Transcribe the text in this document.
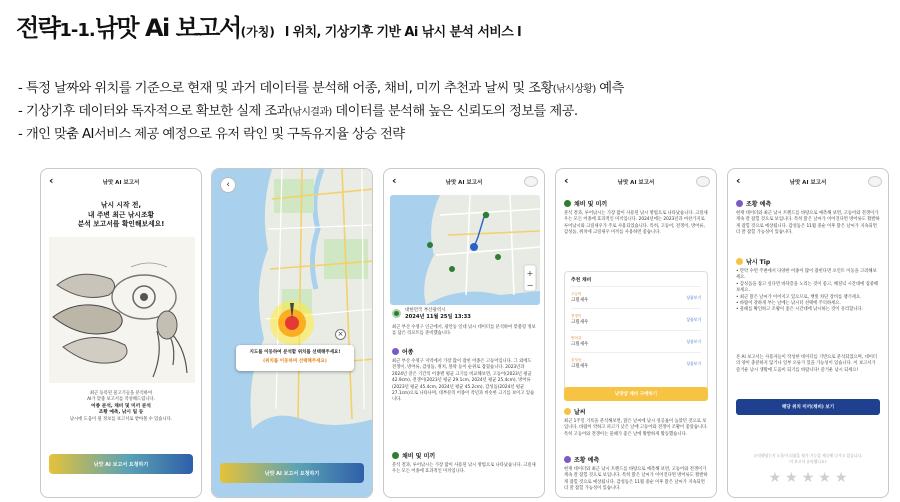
전략 1-1. 낚맛 Ai 보고서 (가칭) l 위치, 기상기후 기반 Ai 낚시 분석 서비스 l
- 특정 날짜와 위치를 기준으로 현재 및 과거 데이터를 분석해 어종, 채비, 미끼 추천과 날씨 및 조황(낚시상황) 예측
- 기상기후 데이터와 독자적으로 확보한 실제 조과(낚시결과) 데이터를 분석해 높은 신뢰도의 정보를 제공.
- 개인 맞춤 AI서비스 제공 예정으로 유저 락인 및 구독유지율 상승 전략
‹	낚맛 AI 보고서
낚시 시작 전,
내 주변 최근 낚시조황
분석 보고서를 확인해보세요!
최근 등록된 물고기들을 분석하여
AI가 맞춤 보고서를 작성해드립니다.
어종 분석, 채비 및 미끼 분석
조황 예측, 낚시 팁 등
낚시에 도움이 될 정보를 보고서로 받아볼 수 있습니다.
낚맛 AI 보고서 요청하기
‹
×
지도를 이동하여 분석할 위치를 선택해주세요!
(위치를 이동하며 선택해주세요)
낚맛 AI 보고서 요청하기
‹	낚맛 AI 보고서
+
−
대한민국 부산광역시
2024년 11월 25일 13:33
최근 부산 수영구 인근에서, 광안동 일대 낚시 데이터를 분석하여 맞춤형 정보를 담은 리포트를 준비했습니다.
어종
최근 부산 수영구 지역에서 가장 많이 잡힌 어종은 고등어입니다. 그 외에도 전갱이, 방어류, 감성돔, 쥐치, 볼락 등이 순위로 잡혔습니다. 2023년과 2024년 같은 기간의 어종별 평균 크기를 비교해보면, 고등어(2023년 평균 42.9cm), 전갱이(2023년 평균 29.1cm, 2024년 평균 25.4cm), 방어류(2023년 평균 45.4cm, 2024년 평균 45.2cm), 감성돔(2024년 평균 27.1cm)으로 나타나며, 대부분의 어종이 작년과 비슷한 크기를 보이고 있습니다.
채비 및 미끼
분석 결과, 루어낚시는 가장 많이 사용된 낚시 방법으로 나타났습니다. 크릴새우는 모든 어종에 효과적인 미끼입니다.
‹	낚맛 AI 보고서
채비 및 미끼
분석 결과, 루어낚시는 가장 많이 사용된 낚시 방법으로 나타났습니다. 크릴새우는 모든 어종에 효과적인 미끼입니다. 2024년에는 2023년과 마찬가지로 루어낚시와 크릴새우가 주로 사용되었습니다. 특히, 고등어, 전갱이, 방어류, 감성돔, 쥐치에 크릴새우 미끼를 사용하면 좋습니다.
추천 채비
고등어
크릴새우
상품보기
전갱이
크릴새우
상품보기
방어류
크릴새우
상품보기
감성돔
크릴새우
상품보기
낚맛샵 채비 구매하기
날씨
최근 1주일 기록을 분석해보면, 맑은 날씨에 낚시 성공률이 높았던 것으로 보입니다. 바람이 약하고 파고가 낮은 날에 고등어와 전갱이 조황이 좋았습니다. 특히 고등어와 전갱이는 물때가 좋은 날에 활발하게 활동했습니다.
조황 예측
현재 데이터와 최근 낚시 트렌드를 바탕으로 예측해 보면, 고등어와 전갱이가 계속 잘 잡힐 것으로 보입니다. 특히 맑은 날씨가 이어진다면 방어류도 활발하게 잡힐 것으로 예상됩니다. 감성돔은 11월 중순 이후 맑은 날씨가 지속되면 더 잘 잡힐 가능성이 있습니다.
‹	낚맛 AI 보고서
조황 예측
현재 데이터와 최근 낚시 트렌드를 바탕으로 예측해 보면, 고등어와 전갱이가 계속 잘 잡힐 것으로 보입니다. 특히 맑은 날씨가 이어진다면 방어류도 활발하게 잡힐 것으로 예상됩니다. 감성돔은 11월 중순 이후 맑은 날씨가 지속되면 더 잘 잡힐 가능성이 있습니다.
낚시 Tip
• 만약 수면 주변에서 다양한 어종이 많이 잡힌다면 포인트 이동을 고려해보세요.
• 감성돔을 잡고 싶다면 바닥층을 노리는 것이 좋고, 해질녘 시간대에 집중해 보세요.
• 최근 맑은 날씨가 이어지고 있으므로, 햇빛 차단 장비를 챙기세요.
• 바람이 강하게 부는 날에는 낚시터 선택에 주의하세요.
• 물때를 확인하고 조황이 좋은 시간대에 낚시하는 것이 유리합니다.
본 AI 보고서는 사용자들이 작성한 데이터를 기반으로 분석되었으며, 데이터의 양이 충분하지 않거나 일부 오류가 있을 가능성이 있습니다. 이 보고서가 즐거운 낚시 생활에 도움이 되기를 바랍니다! 즐거운 낚시 되세요!
해당 위치 미끼(채비) 보기
유익했셨는지 도움이 되셨을 평가 기능을 제공해 나가고 있습니다.
이 보고서 유익했나요?
★ ★ ★ ★ ★
